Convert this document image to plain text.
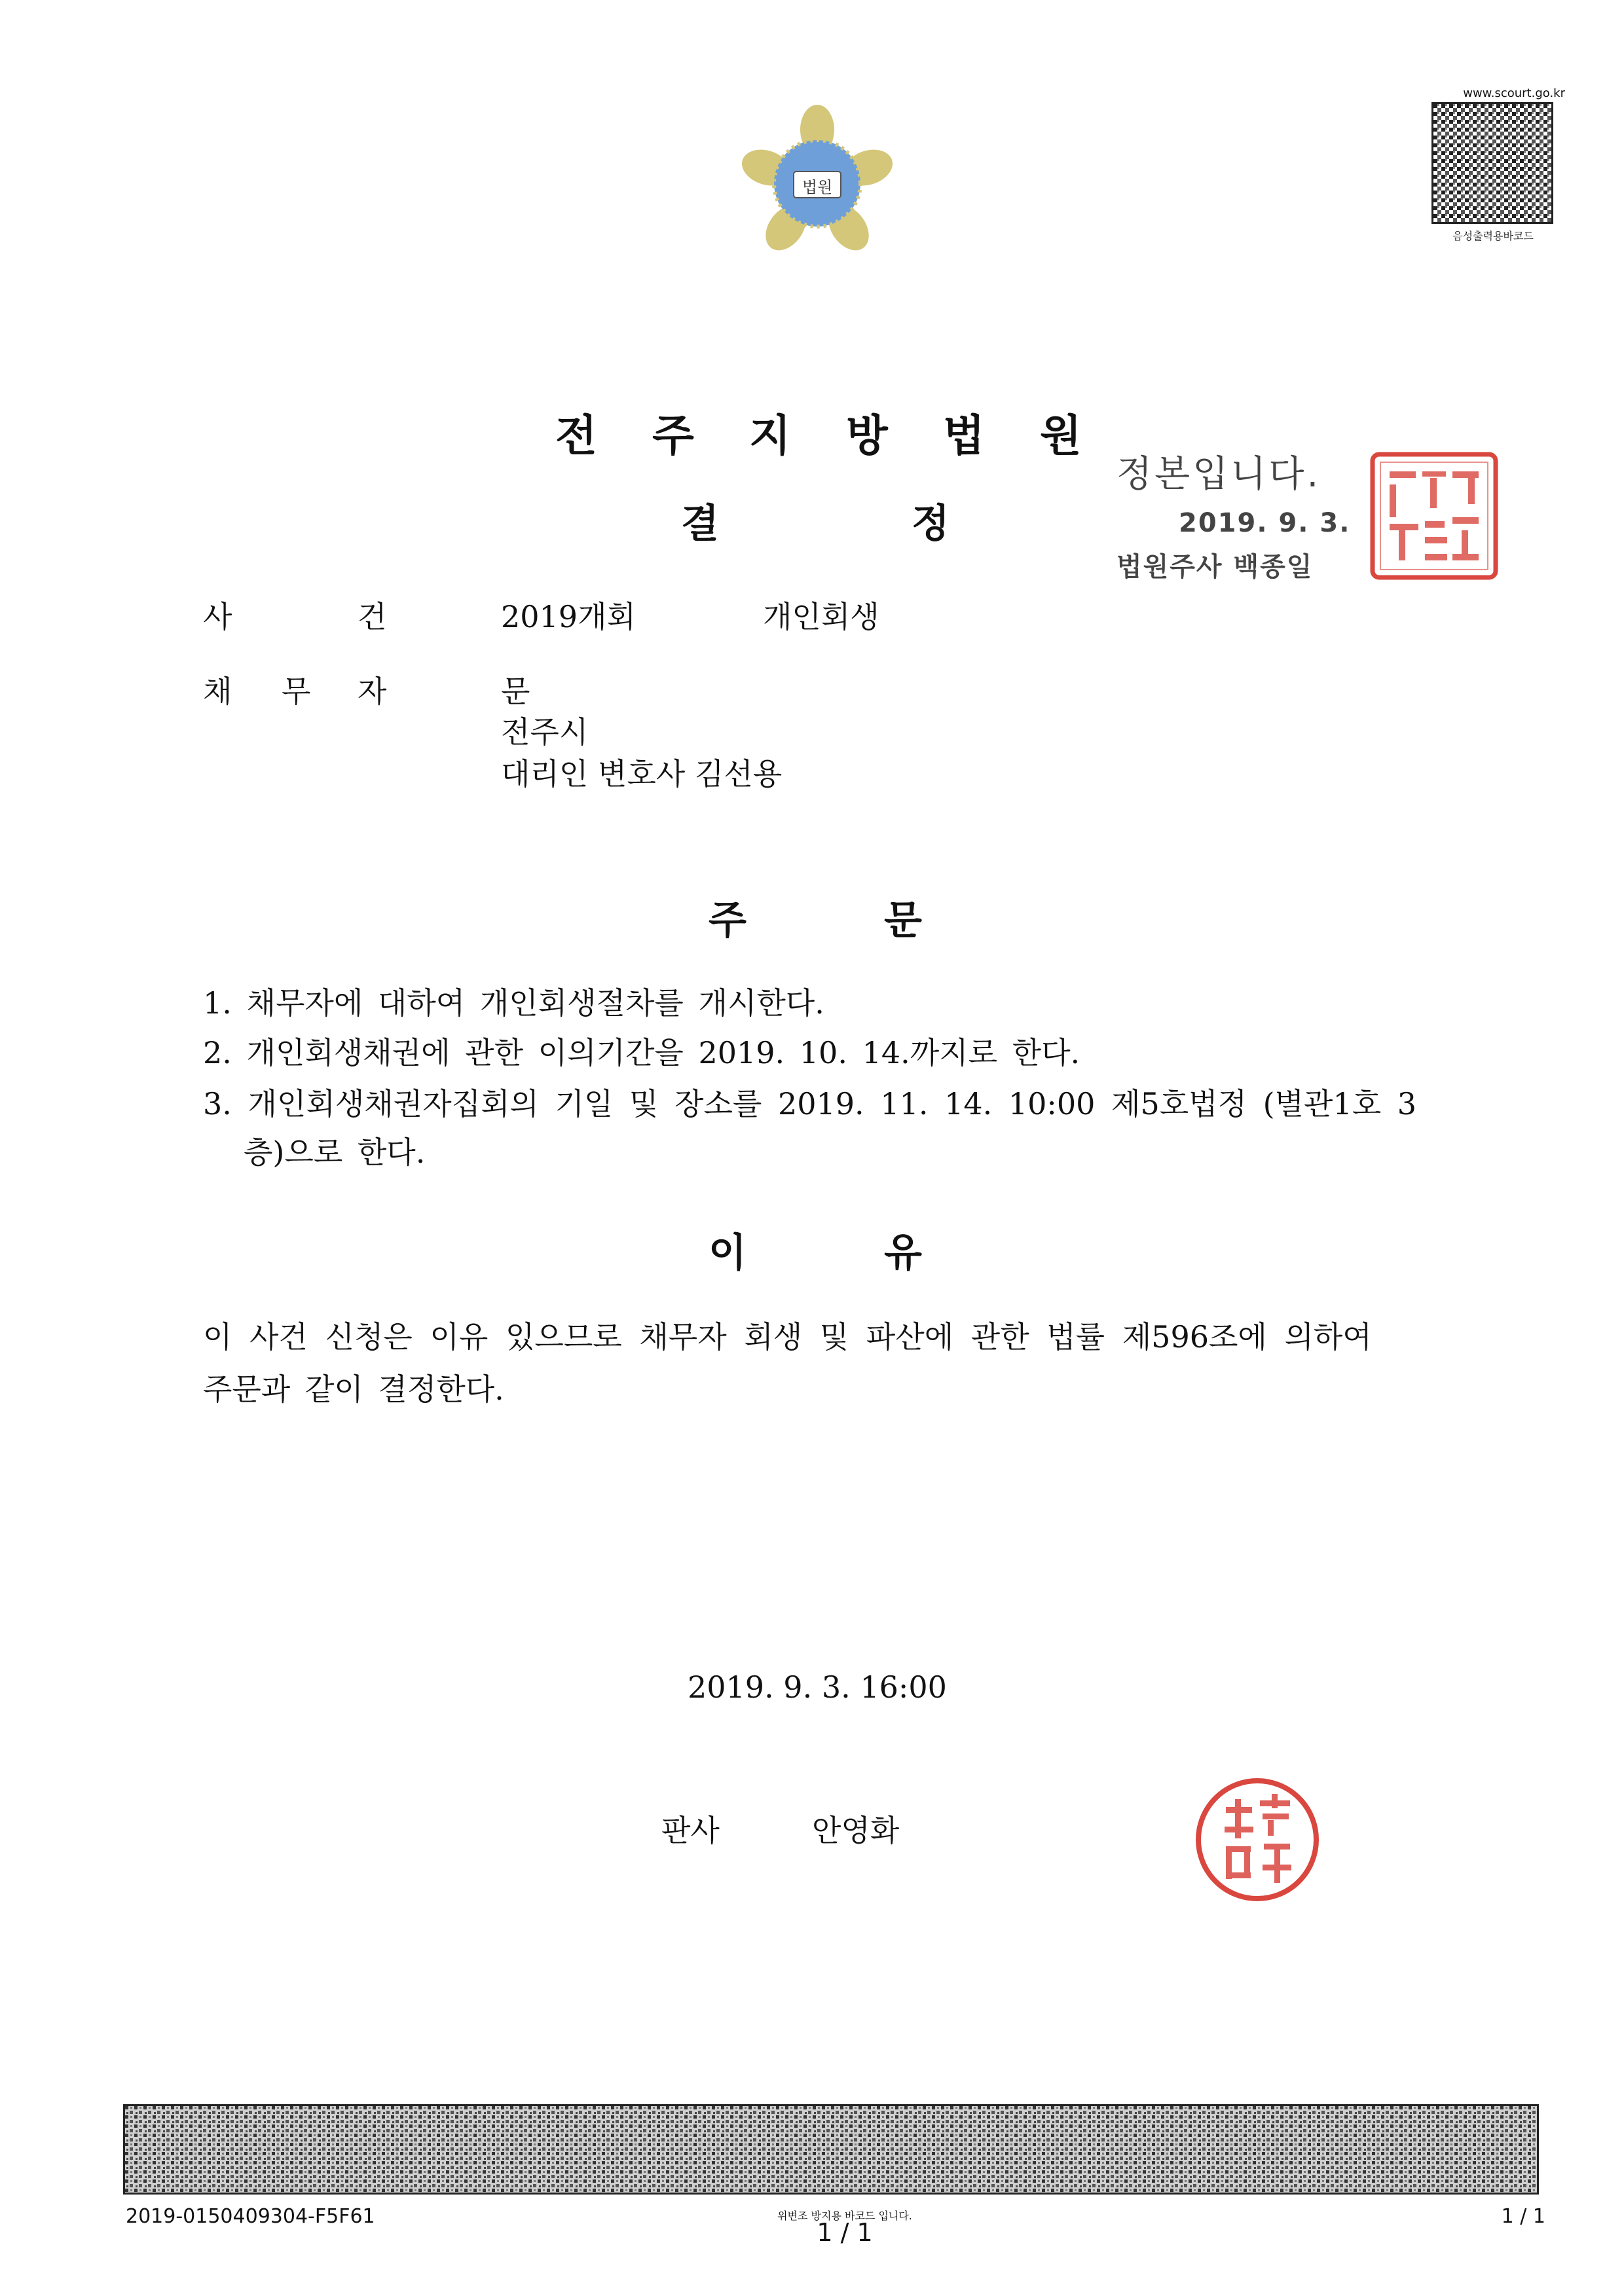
법원
www.scourt.go.kr
음성출력용바코드
전 주 지 방 법 원
결	정
정본입니다.
2019. 9. 3.
법원주사 백종일
사	건	2019개회	개인회생
채 무 자	문
전주시
대리인 변호사 김선용
주	문
1. 채무자에 대하여 개인회생절차를 개시한다.
2. 개인회생채권에 관한 이의기간을 2019. 10. 14.까지로 한다.
3. 개인회생채권자집회의 기일 및 장소를 2019. 11. 14. 10:00 제5호법정 (별관1호 3
층)으로 한다.
이	유
이 사건 신청은 이유 있으므로 채무자 회생 및 파산에 관한 법률 제596조에 의하여
주문과 같이 결정한다.
2019. 9. 3. 16:00
판사	안영화
2019-0150409304-F5F61	위변조 방지용 바코드 입니다.
1 / 1
1 / 1
